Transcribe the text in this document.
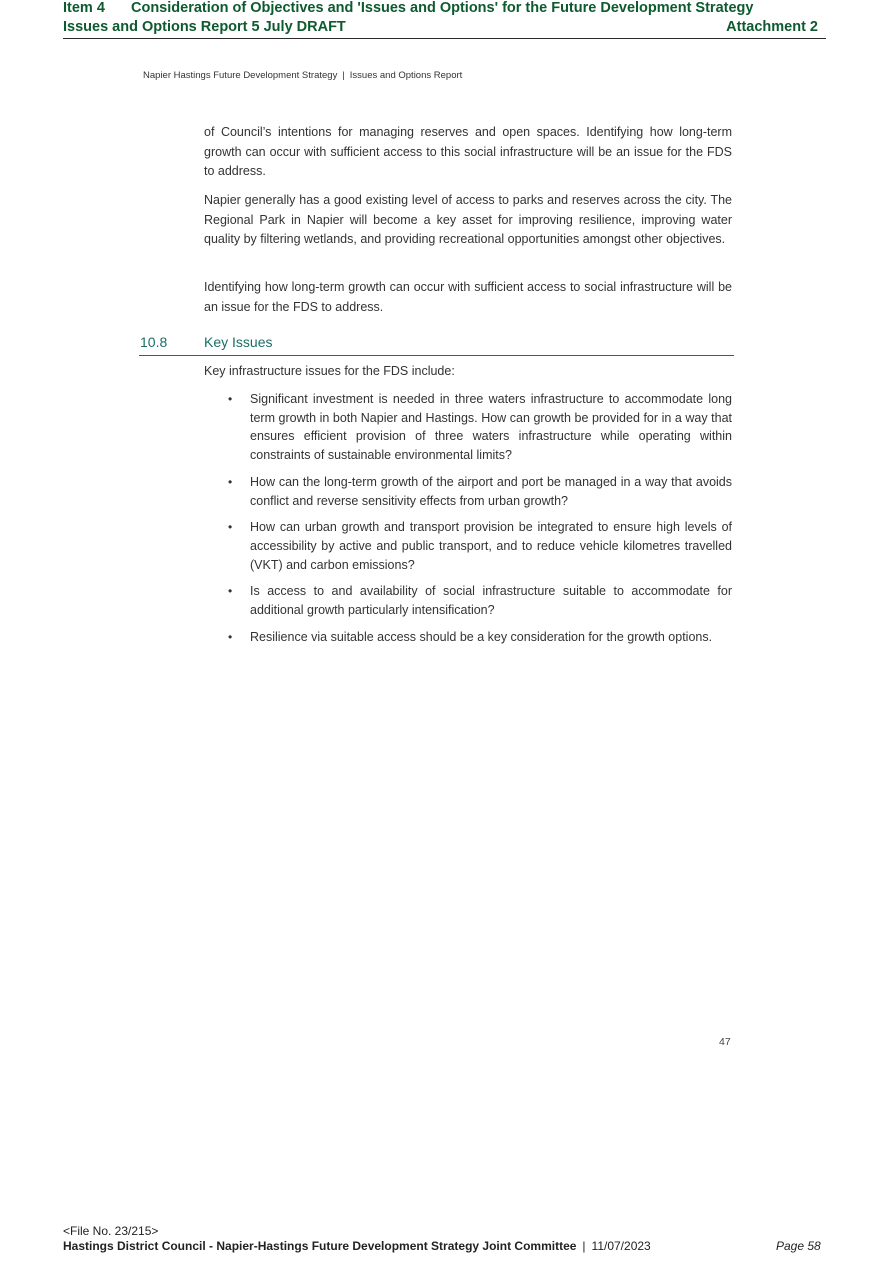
Item 4 Consideration of Objectives and 'Issues and Options' for the Future Development Strategy
Issues and Options Report 5 July DRAFT	Attachment 2
Napier Hastings Future Development Strategy | Issues and Options Report

of Council’s intentions for managing reserves and open spaces. Identifying how long-term growth can occur with sufficient access to this social infrastructure will be an issue for the FDS to address.

Napier generally has a good existing level of access to parks and reserves across the city. The Regional Park in Napier will become a key asset for improving resilience, improving water quality by filtering wetlands, and providing recreational opportunities amongst other objectives.

Identifying how long-term growth can occur with sufficient access to social infrastructure will be an issue for the FDS to address.

10.8	Key Issues
Key infrastructure issues for the FDS include:
• Significant investment is needed in three waters infrastructure to accommodate long term growth in both Napier and Hastings. How can growth be provided for in a way that ensures efficient provision of three waters infrastructure while operating within constraints of sustainable environmental limits?
• How can the long-term growth of the airport and port be managed in a way that avoids conflict and reverse sensitivity effects from urban growth?
• How can urban growth and transport provision be integrated to ensure high levels of accessibility by active and public transport, and to reduce vehicle kilometres travelled (VKT) and carbon emissions?
• Is access to and availability of social infrastructure suitable to accommodate for additional growth particularly intensification?
• Resilience via suitable access should be a key consideration for the growth options.
47
<File No. 23/215>
Hastings District Council - Napier-Hastings Future Development Strategy Joint Committee | 11/07/2023	Page 58
